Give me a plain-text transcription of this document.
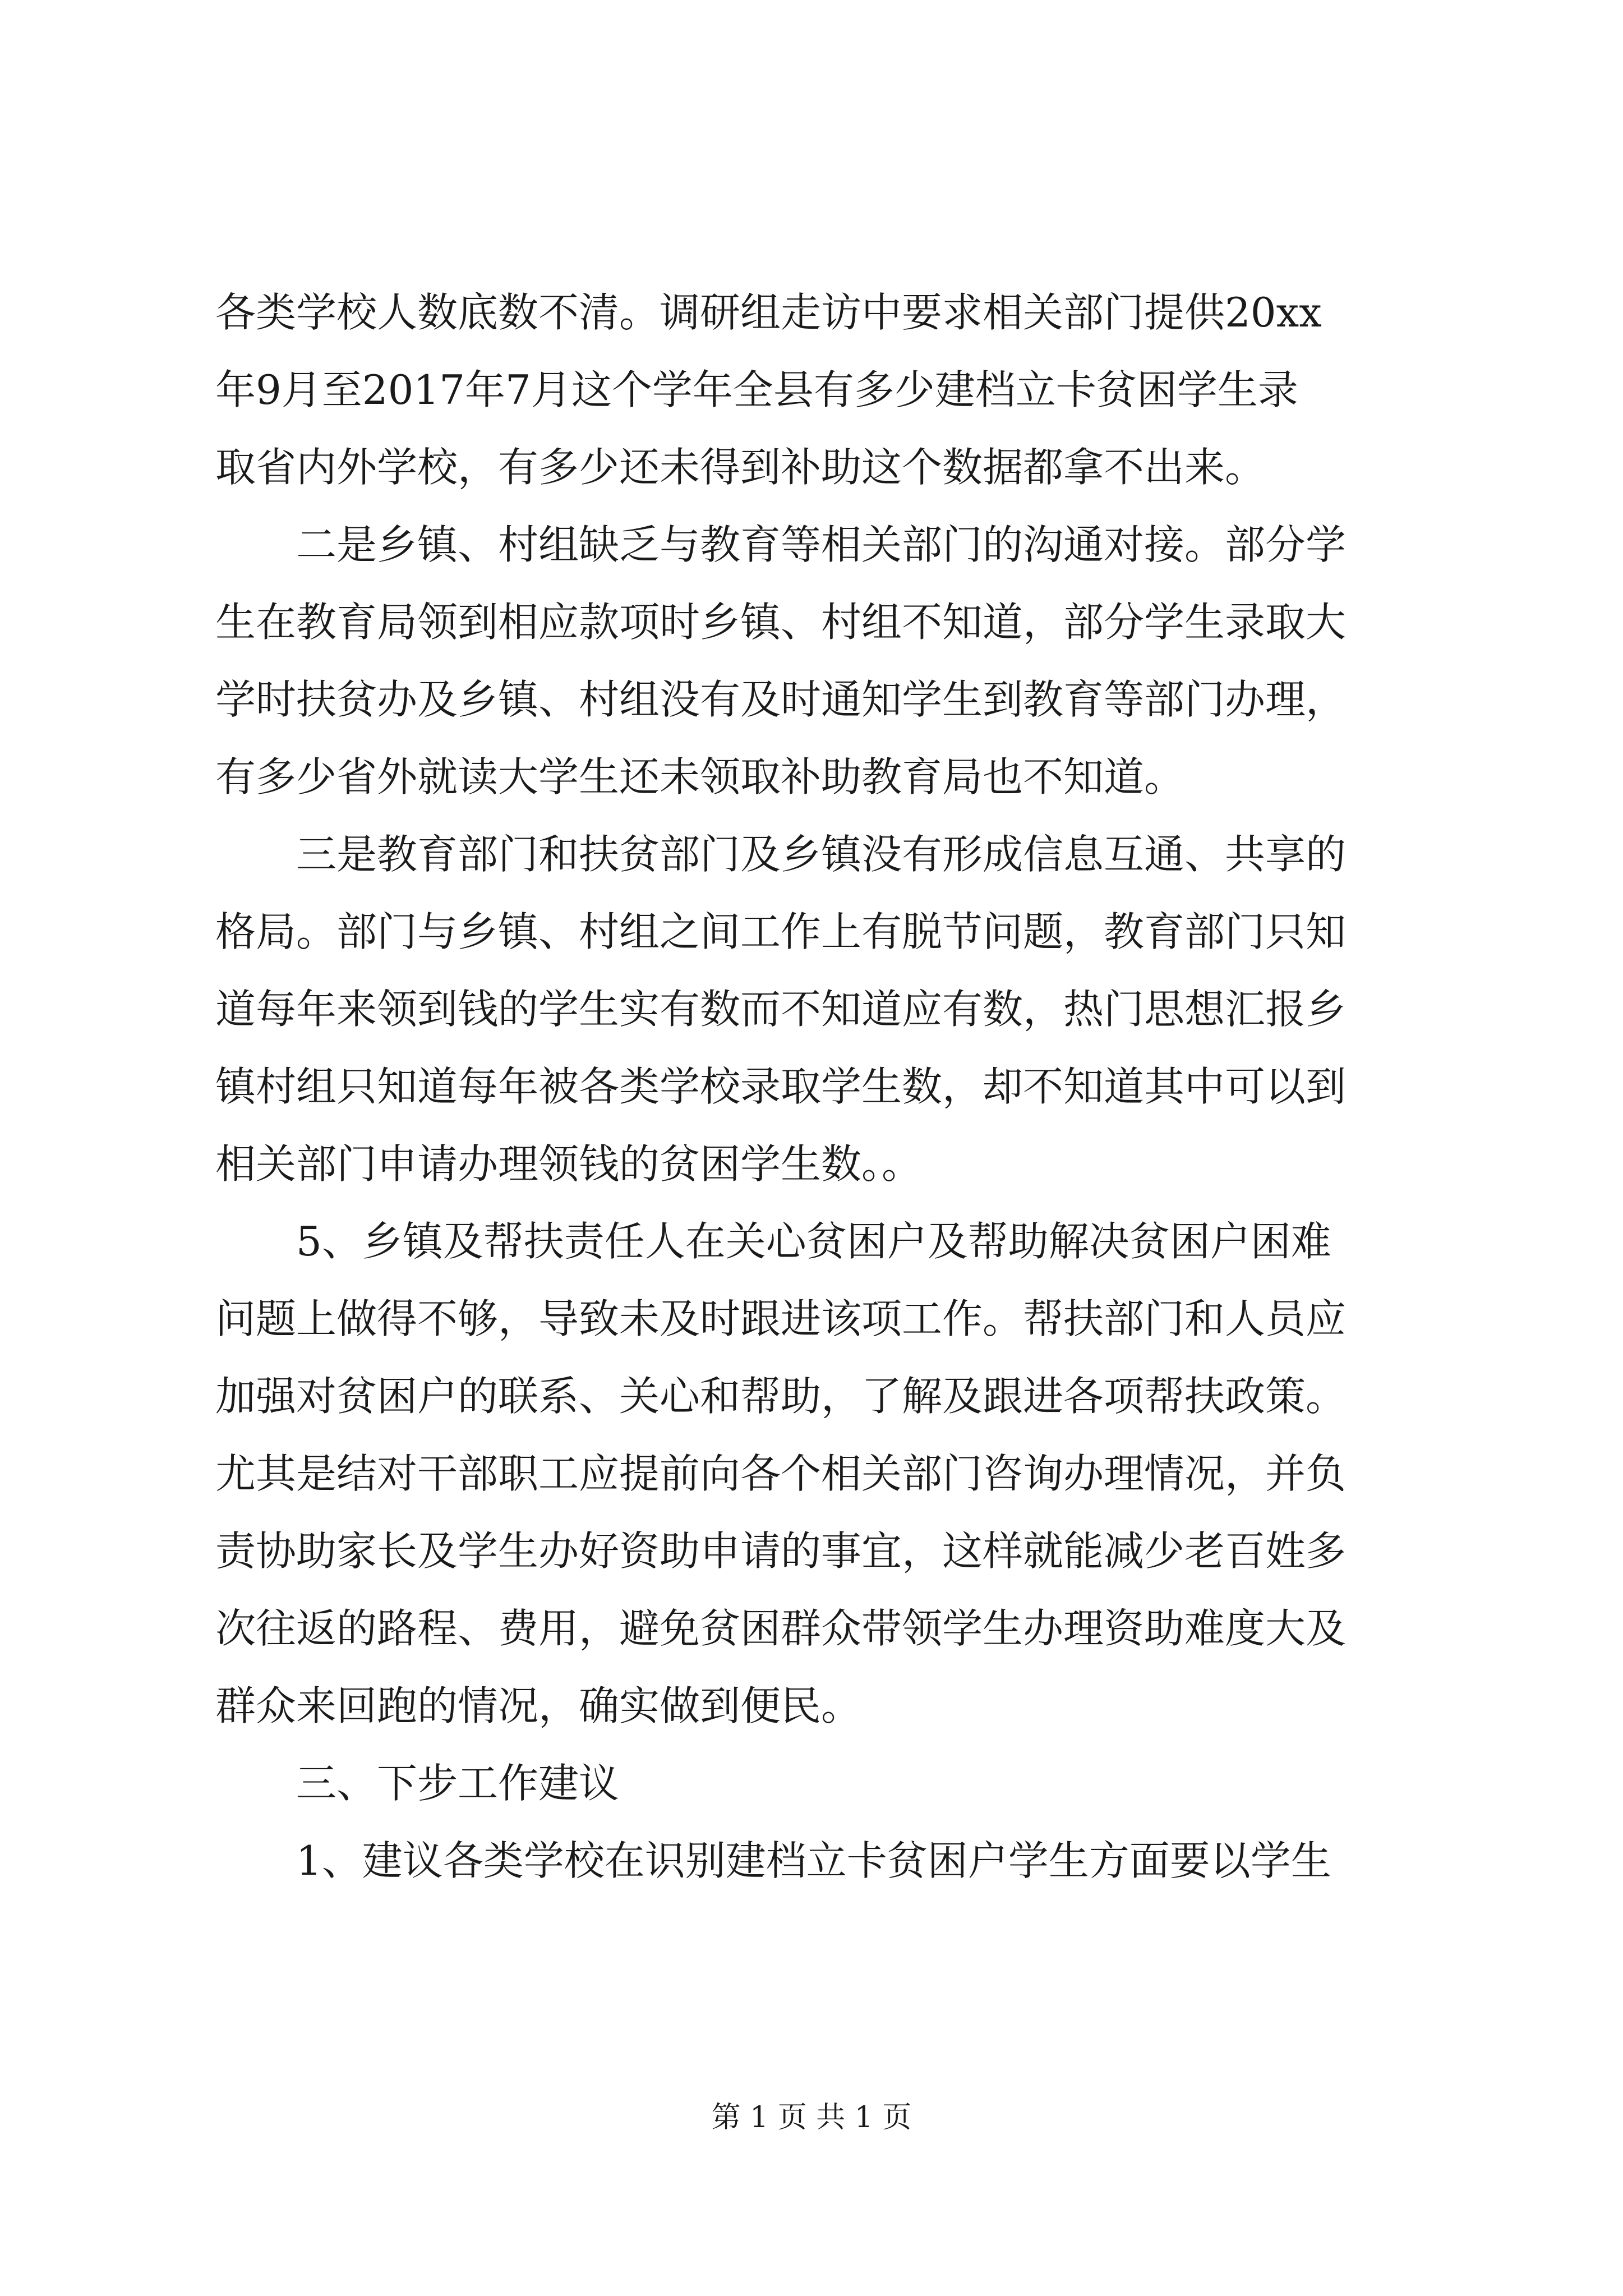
各类学校人数底数不清。调研组走访中要求相关部门提供20xx
年9月至2017年7月这个学年全县有多少建档立卡贫困学生录
取省内外学校，有多少还未得到补助这个数据都拿不出来。
二是乡镇、村组缺乏与教育等相关部门的沟通对接。部分学
生在教育局领到相应款项时乡镇、村组不知道，部分学生录取大
学时扶贫办及乡镇、村组没有及时通知学生到教育等部门办理，
有多少省外就读大学生还未领取补助教育局也不知道。
三是教育部门和扶贫部门及乡镇没有形成信息互通、共享的
格局。部门与乡镇、村组之间工作上有脱节问题，教育部门只知
道每年来领到钱的学生实有数而不知道应有数，热门思想汇报乡
镇村组只知道每年被各类学校录取学生数，却不知道其中可以到
相关部门申请办理领钱的贫困学生数。。
5、乡镇及帮扶责任人在关心贫困户及帮助解决贫困户困难
问题上做得不够，导致未及时跟进该项工作。帮扶部门和人员应
加强对贫困户的联系、关心和帮助，了解及跟进各项帮扶政策。
尤其是结对干部职工应提前向各个相关部门咨询办理情况，并负
责协助家长及学生办好资助申请的事宜，这样就能减少老百姓多
次往返的路程、费用，避免贫困群众带领学生办理资助难度大及
群众来回跑的情况，确实做到便民。
三、下步工作建议
1、建议各类学校在识别建档立卡贫困户学生方面要以学生
第 1 页 共 1 页
